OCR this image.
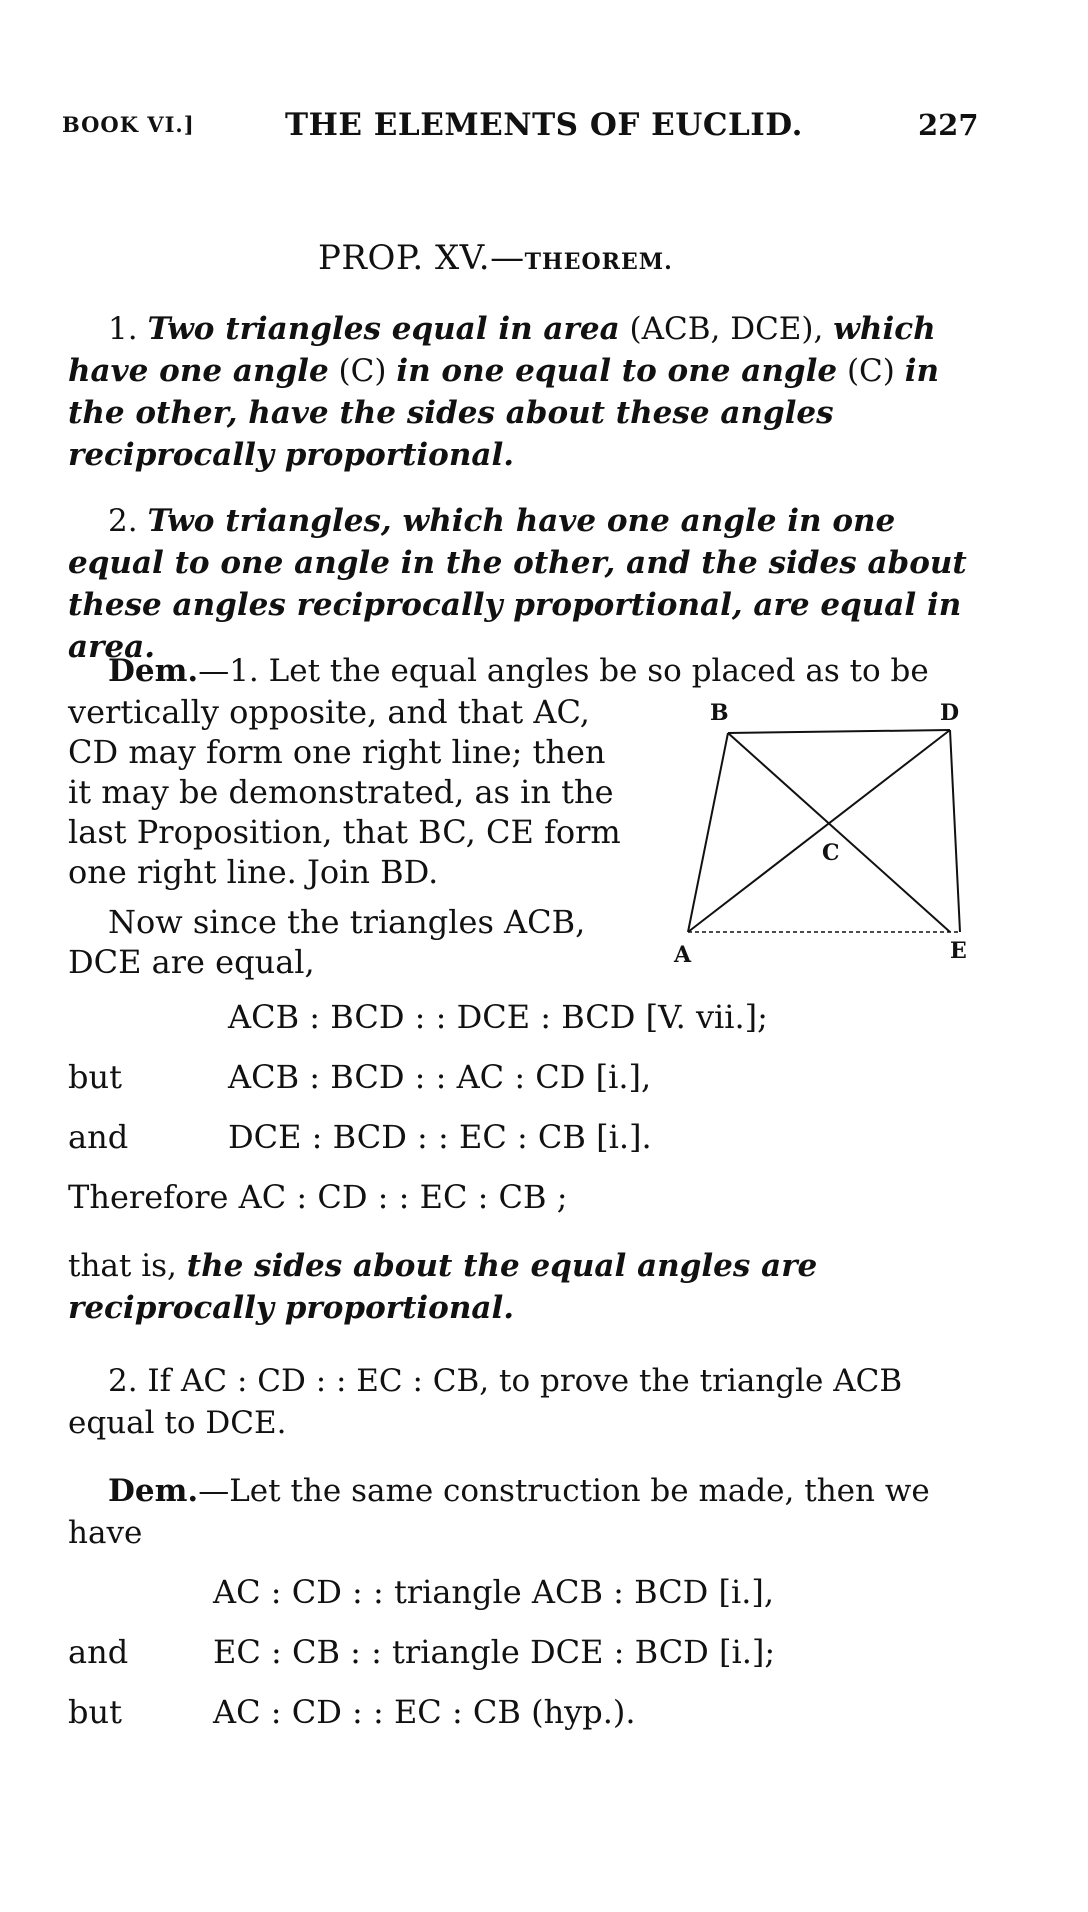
BOOK VI.]	THE ELEMENTS OF EUCLID.	227
PROP. XV.—THEOREM.
1. Two triangles equal in area (ACB, DCE), which have one angle (C) in one equal to one angle (C) in the other, have the sides about these angles reciprocally proportional.
2. Two triangles, which have one angle in one equal to one angle in the other, and the sides about these angles reciprocally proportional, are equal in area.
Dem.—1. Let the equal angles be so placed as to be
vertically opposite, and that AC,
CD may form one right line; then
it may be demonstrated, as in the
last Proposition, that BC, CE form
one right line. Join BD.
Now since the triangles ACB,
DCE are equal,
B	D
C
A	E
ACB : BCD : : DCE : BCD [V. vii.];
but	ACB : BCD : : AC : CD [i.],
and	DCE : BCD : : EC : CB [i.].
Therefore AC : CD : : EC : CB ;
that is, the sides about the equal angles are reciprocally proportional.
2. If AC : CD : : EC : CB, to prove the triangle ACB equal to DCE.
Dem.—Let the same construction be made, then we have
AC : CD : : triangle ACB : BCD [i.],
and	EC : CB : : triangle DCE : BCD [i.];
but	AC : CD : : EC : CB (hyp.).
